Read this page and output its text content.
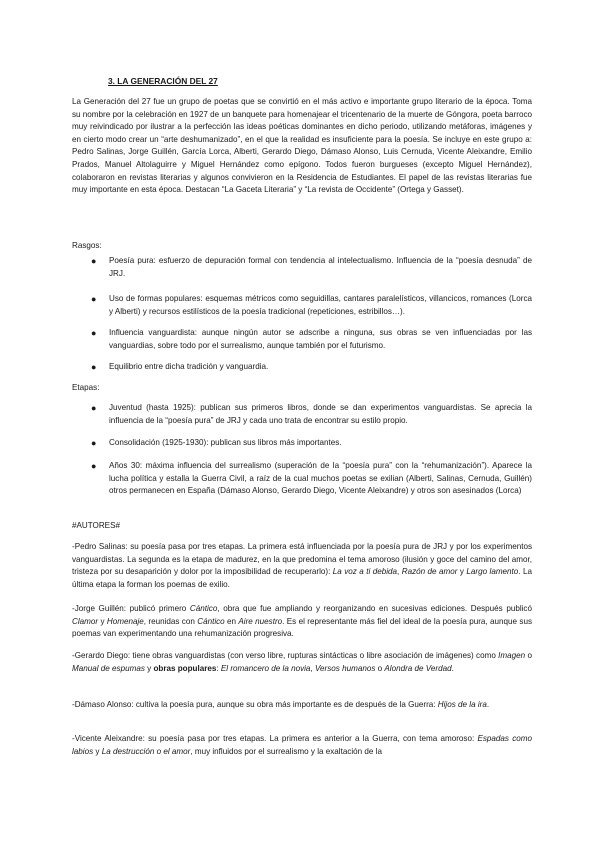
3. LA GENERACIÓN DEL 27
La Generación del 27 fue un grupo de poetas que se convirtió en el más activo e importante grupo literario de la época. Toma su nombre por la celebración en 1927 de un banquete para homenajear el tricentenario de la muerte de Góngora, poeta barroco muy reivindicado por ilustrar a la perfección las ideas poéticas dominantes en dicho periodo, utilizando metáforas, imágenes y en cierto modo crear un “arte deshumanizado”, en el que la realidad es insuficiente para la poesía. Se incluye en este grupo a: Pedro Salinas, Jorge Guillén, García Lorca, Alberti, Gerardo Diego, Dámaso Alonso, Luis Cernuda, Vicente Aleixandre, Emilio Prados, Manuel Altolaguirre y Miguel Hernández como epígono. Todos fueron burgueses (excepto Miguel Hernández), colaboraron en revistas literarias y algunos convivieron en la Residencia de Estudiantes. El papel de las revistas literarias fue muy importante en esta época. Destacan “La Gaceta Literaria” y “La revista de Occidente” (Ortega y Gasset).
Rasgos:
●	Poesía pura: esfuerzo de depuración formal con tendencia al intelectualismo. Influencia de la “poesía desnuda” de JRJ.
●	Uso de formas populares: esquemas métricos como seguidillas, cantares paralelísticos, villancicos, romances (Lorca y Alberti) y recursos estilísticos de la poesía tradicional (repeticiones, estribillos…).
●	Influencia vanguardista: aunque ningún autor se adscribe a ninguna, sus obras se ven influenciadas por las vanguardias, sobre todo por el surrealismo, aunque también por el futurismo.
●	Equilibrio entre dicha tradición y vanguardia.
Etapas:
●	Juventud (hasta 1925): publican sus primeros libros, donde se dan experimentos vanguardistas. Se aprecia la influencia de la “poesía pura” de JRJ y cada uno trata de encontrar su estilo propio.
●	Consolidación (1925-1930): publican sus libros más importantes.
●	Años 30: máxima influencia del surrealismo (superación de la “poesía pura” con la “rehumanización”). Aparece la lucha política y estalla la Guerra Civil, a raíz de la cual muchos poetas se exilian (Alberti, Salinas, Cernuda, Guillén) otros permanecen en España (Dámaso Alonso, Gerardo Diego, Vicente Aleixandre) y otros son asesinados (Lorca)
#AUTORES#
-Pedro Salinas: su poesía pasa por tres etapas. La primera está influenciada por la poesía pura de JRJ y por los experimentos vanguardistas. La segunda es la etapa de madurez, en la que predomina el tema amoroso (ilusión y goce del camino del amor, tristeza por su desaparición y dolor por la imposibilidad de recuperarlo): La voz a ti debida, Razón de amor y Largo lamento. La última etapa la forman los poemas de exilio.
-Jorge Guillén: publicó primero Cántico, obra que fue ampliando y reorganizando en sucesivas ediciones. Después publicó Clamor y Homenaje, reunidas con Cántico en Aire nuestro. Es el representante más fiel del ideal de la poesía pura, aunque sus poemas van experimentando una rehumanización progresiva.
-Gerardo Diego: tiene obras vanguardistas (con verso libre, rupturas sintácticas o libre asociación de imágenes) como Imagen o Manual de espumas y obras populares: El romancero de la novia, Versos humanos o Alondra de Verdad.
-Dámaso Alonso: cultiva la poesía pura, aunque su obra más importante es de después de la Guerra: Hijos de la ira.
-Vicente Aleixandre: su poesía pasa por tres etapas. La primera es anterior a la Guerra, con tema amoroso: Espadas como labios y La destrucción o el amor, muy influidos por el surrealismo y la exaltación de la
